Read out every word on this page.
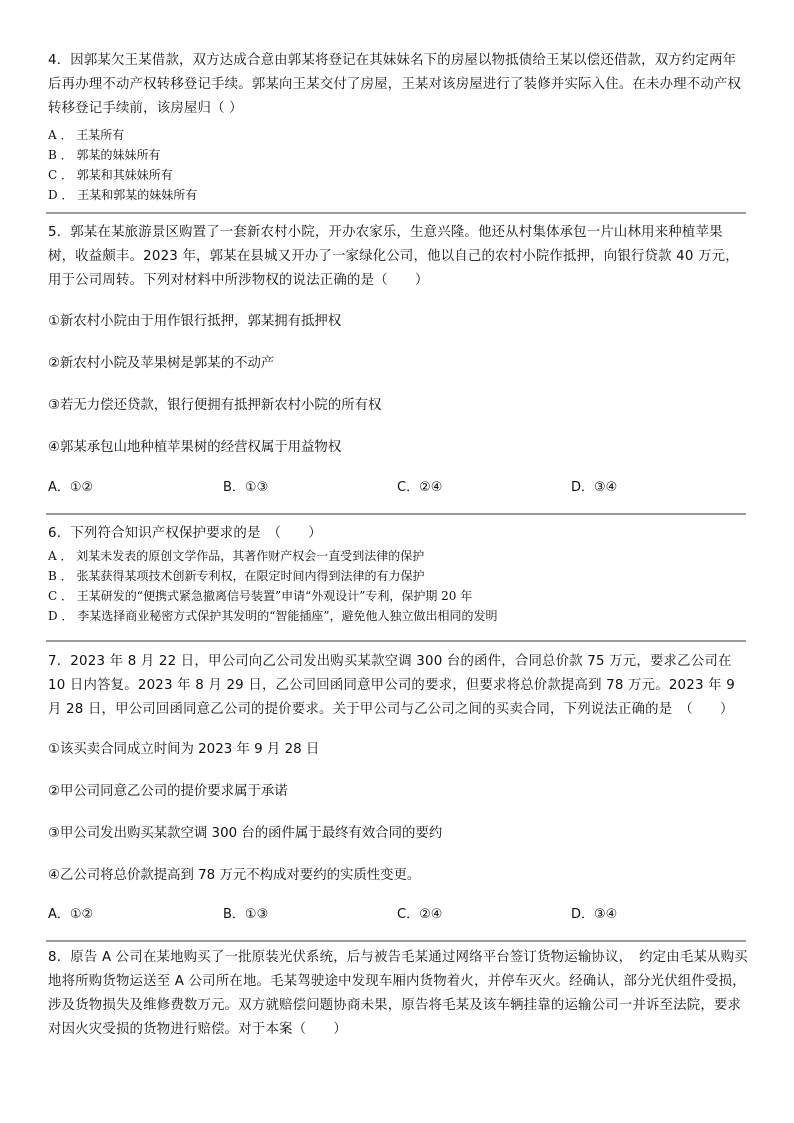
4．因郭某欠王某借款，双方达成合意由郭某将登记在其妹妹名下的房屋以物抵债给王某以偿还借款，双方约定两年后再办理不动产权转移登记手续。郭某向王某交付了房屋，王某对该房屋进行了装修并实际入住。在未办理不动产权转移登记手续前，该房屋归（ ）

A ． 王某所有

B ． 郭某的妹妹所有

C ． 郭某和其妹妹所有

D ． 王某和郭某的妹妹所有

5．郭某在某旅游景区购置了一套新农村小院，开办农家乐，生意兴隆。他还从村集体承包一片山林用来种植苹果树，收益颇丰。2023 年，郭某在县城又开办了一家绿化公司，他以自己的农村小院作抵押，向银行贷款 40 万元，用于公司周转。下列对材料中所涉物权的说法正确的是（　　）

①新农村小院由于用作银行抵押，郭某拥有抵押权
②新农村小院及苹果树是郭某的不动产
③若无力偿还贷款，银行便拥有抵押新农村小院的所有权
④郭某承包山地种植苹果树的经营权属于用益物权
A．①②	B．①③	C．②④	D．③④

6．下列符合知识产权保护要求的是　（　　）

A ． 刘某未发表的原创文学作品，其著作财产权会一直受到法律的保护

B ． 张某获得某项技术创新专利权，在限定时间内得到法律的有力保护

C ． 王某研发的“便携式紧急撤离信号装置”申请“外观设计”专利，保护期 20 年

D ． 李某选择商业秘密方式保护其发明的“智能插座”，避免他人独立做出相同的发明

7．2023 年 8 月 22 日，甲公司向乙公司发出购买某款空调 300 台的函件，合同总价款 75 万元，要求乙公司在 10 日内答复。2023 年 8 月 29 日，乙公司回函同意甲公司的要求，但要求将总价款提高到 78 万元。2023 年 9 月 28 日，甲公司回函同意乙公司的提价要求。关于甲公司与乙公司之间的买卖合同，下列说法正确的是　（　　）

①该买卖合同成立时间为 2023 年 9 月 28 日
②甲公司同意乙公司的提价要求属于承诺
③甲公司发出购买某款空调 300 台的函件属于最终有效合同的要约
④乙公司将总价款提高到 78 万元不构成对要约的实质性变更。
A．①②	B．①③	C．②④	D．③④

8．原告 A 公司在某地购买了一批原装光伏系统，后与被告毛某通过网络平台签订货物运输协议，　约定由毛某从购买地将所购货物运送至 A 公司所在地。毛某驾驶途中发现车厢内货物着火，并停车灭火。经确认，部分光伏组件受损，涉及货物损失及维修费数万元。双方就赔偿问题协商未果，原告将毛某及该车辆挂靠的运输公司一并诉至法院，要求对因火灾受损的货物进行赔偿。对于本案（　　）
